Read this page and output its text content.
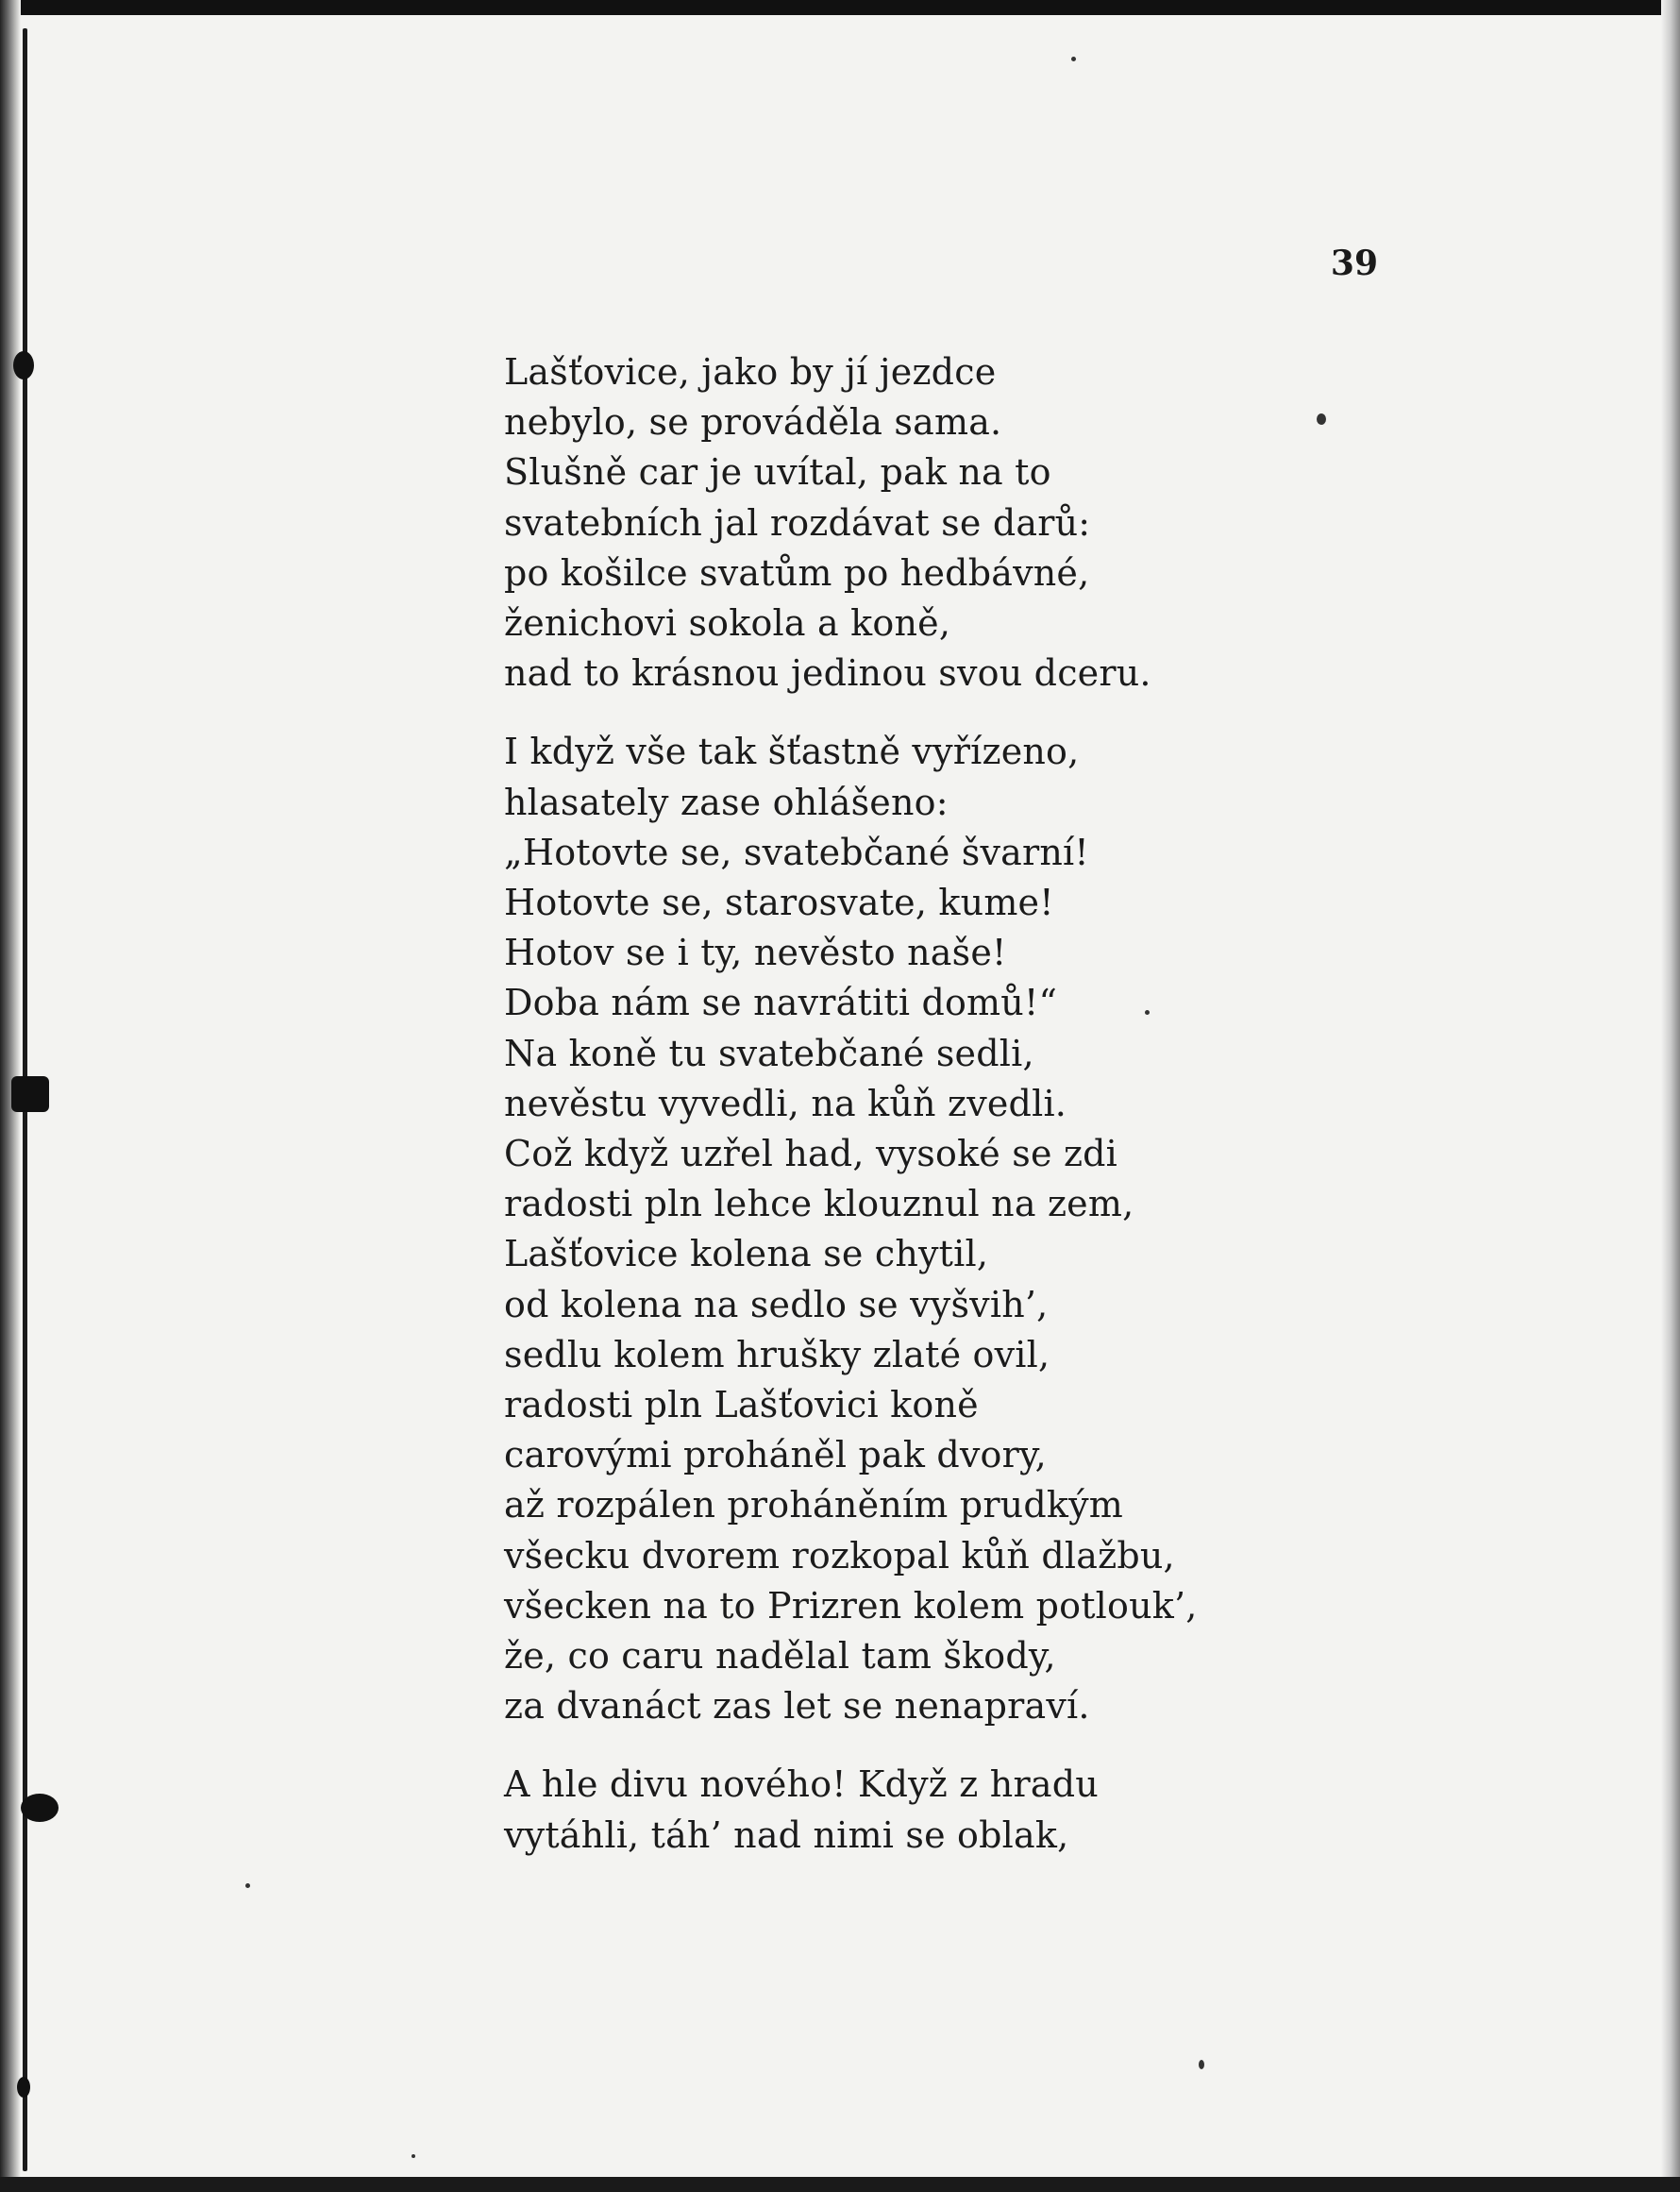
39
Lašťovice, jako by jí jezdce
nebylo, se prováděla sama.
Slušně car je uvítal, pak na to
svatebních jal rozdávat se darů:
po košilce svatům po hedbávné,
ženichovi sokola a koně,
nad to krásnou jedinou svou dceru.
I když vše tak šťastně vyřízeno,
hlasately zase ohlášeno:
„Hotovte se, svatebčané švarní!
Hotovte se, starosvate, kume!
Hotov se i ty, nevěsto naše!
Doba nám se navrátiti domů!“
Na koně tu svatebčané sedli,
nevěstu vyvedli, na kůň zvedli.
Což když uzřel had, vysoké se zdi
radosti pln lehce klouznul na zem,
Lašťovice kolena se chytil,
od kolena na sedlo se vyšvih’,
sedlu kolem hrušky zlaté ovil,
radosti pln Lašťovici koně
carovými proháněl pak dvory,
až rozpálen proháněním prudkým
všecku dvorem rozkopal kůň dlažbu,
všecken na to Prizren kolem potlouk’,
že, co caru nadělal tam škody,
za dvanáct zas let se nenapraví.
A hle divu nového! Když z hradu
vytáhli, táh’ nad nimi se oblak,
